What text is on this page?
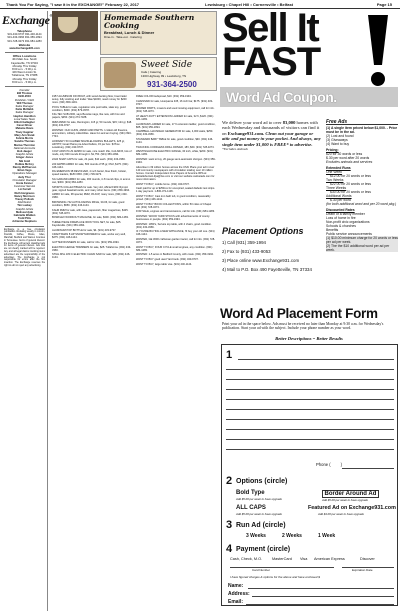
Thank You For Saying, "I saw it in the EXCHANGE!" February 22, 2017	Lewisburg • Chapel Hill • Cornersville • Belfast	Page 15
Exchange®
Telephone
931-433-9737 931-446-1144
931-433-3366 931-359-1994
931-728-3273 931-684-1283
Website
www.Exchange931.com
Office Locations
404 Main Ave. South
Fayetteville, TN 37334
Monday Thru Friday
8:00 a.m. - 5:00 p.m.
109 West Lincoln St.
Tullahoma, TN 37388
Monday Thru Friday
8:00 a.m. - 5:00 p.m.
Founder
Bill Thomas
1940-2010
Publisher / CEO
Will Thomas
Sales Manager
Katie McNabb
Sales Manager
Haydon Hamilton
Local Sales Team
Elliott Gallagher
Cassi Driver
Melanie Davis
Tracy Gagnier
Mary Ann Sivak
Felicia Morris
Sandra Thomas
Marisa Thornton
National Accounts
Bob Jaeger
Graphic Artists
Ginger Jones
Nik Gold
Robbie McCoy
Danny McPherson
Brian Vega
Operations Manager
Judy Thor
Circulation Manager
Greta Fanner
Customer Service
Liz Farrell
Ruth Hargraves
Nancy Morrison
Tracey Pollock
Distribution
Tim Lackey
Graphic Artists
Melissa Hyde
Gabrielle Walden
Todd Pitts
Adrienne Stephens
Exchange is a free circulation publication circulating weekly in Lincoln, Franklin, Coffee, Moore, Giles, Marshall, Bedford and Warren Counties in Tennessee. Items of general interest: the Exchange will accept classified ads for items of general interest. Ads that are not clearly marked will be rejected. Any and all legal claims involving items advertised are the responsibility of the advertiser. The Exchange is not responsible for errors after the first insertion. The Exchange reserves the right to edit or reject any advertising.
Homemade Southern Cooking
Breakfast, Lunch & Dinner
Dine-in · Take-out · Catering
Sweet Side
Cafe | Catering
1300 Highway 99 • Lewisburg, TN
931-364-2500
1957 ALUMINUM ION BOAT, with wood decking floor, boat trailer setup, fully working and trailer. Was $1000, need money for $200 more. (931) 809-1191.
POOL TABLE for sale, regulation size pool table, slate top, good condition, $300. (931) 879-4578.
KIG-TEC SUB 2000, says Beretta mags, like new, with box and papers, $450. (931) 273-7188.
9MM AMMO for sale, Remington, 115 gr, 50 rounds, $15; 124 gr, $18. (931) 433-9737.
WANTED: OLD GUNS, AMMO AND PARTS. I collect old firearms, ammunition, military collectibles. Have fun and am buying. (931) 993-7743.
HORNADY 50 CALIBER MUZZLELOADING BULLETS, 425 gr, HP/XTP, Great Plains pre-lubed bullets, 15 per box. $7/box. Lewisburg. (931) 433-9737.
COLT AR15 PLUS AMMO for sale, nice match rifle, Colt AR15, lots of mods, only 600 rounds through it. $1,750. (931) 359-1994.
22LR SNAP CAPS for sale, 24 pack, $10 each. (931) 433-3366.
223 AR/556 AMMO for sale, 500 rounds of 55 gr, FMJ, $175. (931) 446-1144.
RG EMERSON 38 REVOLVER, 4 inch barrel, blue finish, holster, speed loaders, $180 OBO. (931) 728-3273.
SG GARAND AMMO for sale, 300 rounds, in 8 round clips, in ammo can, $300. (931) 684-1283.
SPORTS COLLECTIBLES for sale. Very old, official 1993 Olympic gear, signed baseball cards, and many other items. (931) 359-1994.
AMMO for sale, 38 special, 9MM, 45 ACP, many more, (931) 433-3366.
BROWNING 742 AUTOLOADING RIFLE, 30-06, for sale, good condition, $650. (931) 446-1144.
KAHR 9MM for sale, with case, paperwork, fiber magazines, $425. (931) 728-3273.
BOWFLEX WORKOUT MACHINE, for sale, $300. (931) 684-1283.
THREE PIECE FIREPLACE IRON TOOL SET, for sale, $25. Fayetteville. (931) 359-1994.
ALUMINUM POP BOTTLE for sale, $4. (931) 433-9737.
CRAFTSMAN 8 HP SNOWTHROWER for sale, works very well, $275. (931) 446-1144.
GUTTER RUNNERS for sale, call for info. (931) 359-1994.
ELECTRIC HEDGE TRIMMERS for sale, $25. Tullahoma. (931) 433-3366.
STIHL MSL 180 C ELECTRIC CHAIN SAW for sale, $95. (931) 446-1144.
FREE COLOR bedspread, $10. (931) 359-1994.
CHAINSAW for sale, Husqvarna 435, 16 inch bar, $175. (931) 433-9737.
MOWER PARTS, mowers and used mowing equipment, call for info. (931) 728-3273.
AT HEAVY-DUTY EXTENSION LADDER for sale, 32 ft, $120. (931) 684-1283.
ALUMINUM LADDER for sale, 17 ft extension ladder, good condition, $65. (931) 359-1994.
CAMPBELL HAUSFELD GENERATOR for sale, 4,000 watts, $250. (931) 433-3366.
STANDARD BABY TABLE for sale, good condition, $30. (931) 446-1144.
TRACKING CORDLESS DRILL DRIVER, 18V, $60. (931) 728-3273.
WESTINGHOUSE ELECTRIC RANGE, 30 inch, white, $200. (931) 684-1283.
WANTED: want to buy, 20 gauge semi-automatic shotgun. (931) 359-1994.
Advertise in 39 million homes across the USA! Place your ad in over 140 community newspapers with circulation totaling over 10 million homes. Contact Independent Free Papers of America IFPA at danielleburnett-ifpa@live.com or visit our website cadnetads.com for more information.
WANT TO BUY, mobile home. (931) 433-9737.
Cash paid for up to $25/box for unexpired, sealed diabetic test strips. 1 day payment. 1-800-371-1136.
WANT TO BUY, Cast iron bath tub, in good condition, reasonably priced. (931) 446-1144.
WANT TO BUY BOOK COLLECTIONS, within 50 miles of Chapel Hill. (931) 728-3273.
FOR SALE, engines and transmissions, call for info. (931) 684-1283.
WANTED: WOOD YARD STICKS with advertisements of county businesses or people. (931) 359-1994.
WANTED: 1950's, Service top table, with 4 chairs, good condition. (931) 433-3366.
IF YOU'RE BUYING A NEW APPLIANCE, I'll buy your old one. (931) 446-1144.
WANTED, GE 3000 craftsman garden tractor, call for info. (931) 728-3273.
WANT TO BUY, FOUR CYCLE small engines, any condition. (931) 684-1283.
WANTED: 1-5 acres in Bedford County, with creek. (931) 359-1994.
WANT TO BUY good used Yard tools. (931) 433-9737.
WANT TO BUY, large table vise. (931) 446-1144.
Sell It
FAST
Word Ad Coupon.
We deliver your word ad to over 83,000 homes with each Wednesday and thousands of visitors can find it on Exchange931.com. Clean out your garage or attic and put money in your pocket. And always, any single item under $1,000 is FREE* to advertise.
*Excludes Animals
Placement Options
1) Call (931) 359-1994
2) Fax to (931) 433-9053
3) Place online www.Exchange931.com
4) Mail to P.O. Box 490 Fayetteville, TN 37334
Free Ads
(1) A single item priced below $1,000. - Price must be in the ad.
(2) Lost and found
(3) Giveaways
(4) Want to buy
Pricing:
$20 for 30 words or less
$.30 per word after 20 words
Excludes animals and services
Extended Runs
One Week
$12.00 for 20 words or less
Two Weeks
$22.00 for 20 words or less
Three Weeks
$30.00 for 20 words or less
Additional Words
$.30 per word
(for both additional word and per 20 word pkg.)
Discounted Rates
Death of a family member
Loss of home in fire
Non-profit civic organizations
Schools & churches
Benefits
Public service announcements
(1) $10.00 minimum charge for 20 words or less per ad per week.
(2) The the $10 additional word per ad per week.
Word Ad Placement Form
Print your ad in the space below. Ads must be received no later than Monday at 9:30 a.m. for Wednesday's publication. Start your ad with the subject. Include your phone number as your word.
Better Descriptions = Better Results
1
Phone ( )
2 Options (circle)
Bold Type
Add $5.00 per week to have upgrade
Border Around Ad
Add $5.00 per week to have upgrade
ALL CAPS
Add $5.00 per week to have upgrade
Featured Ad on Exchange931.com
Add $4.00 per week to have upgrade
3 Run Ad (circle)
3 Weeks	2 Weeks	1 Week
4 Payment (circle)
Cash, Check, M.O.	MasterCard Visa American Express	Discover
Card Number	Expiration Date
I have figured charges & options for the above and have enclosed $
Name:
Address:
Email:
